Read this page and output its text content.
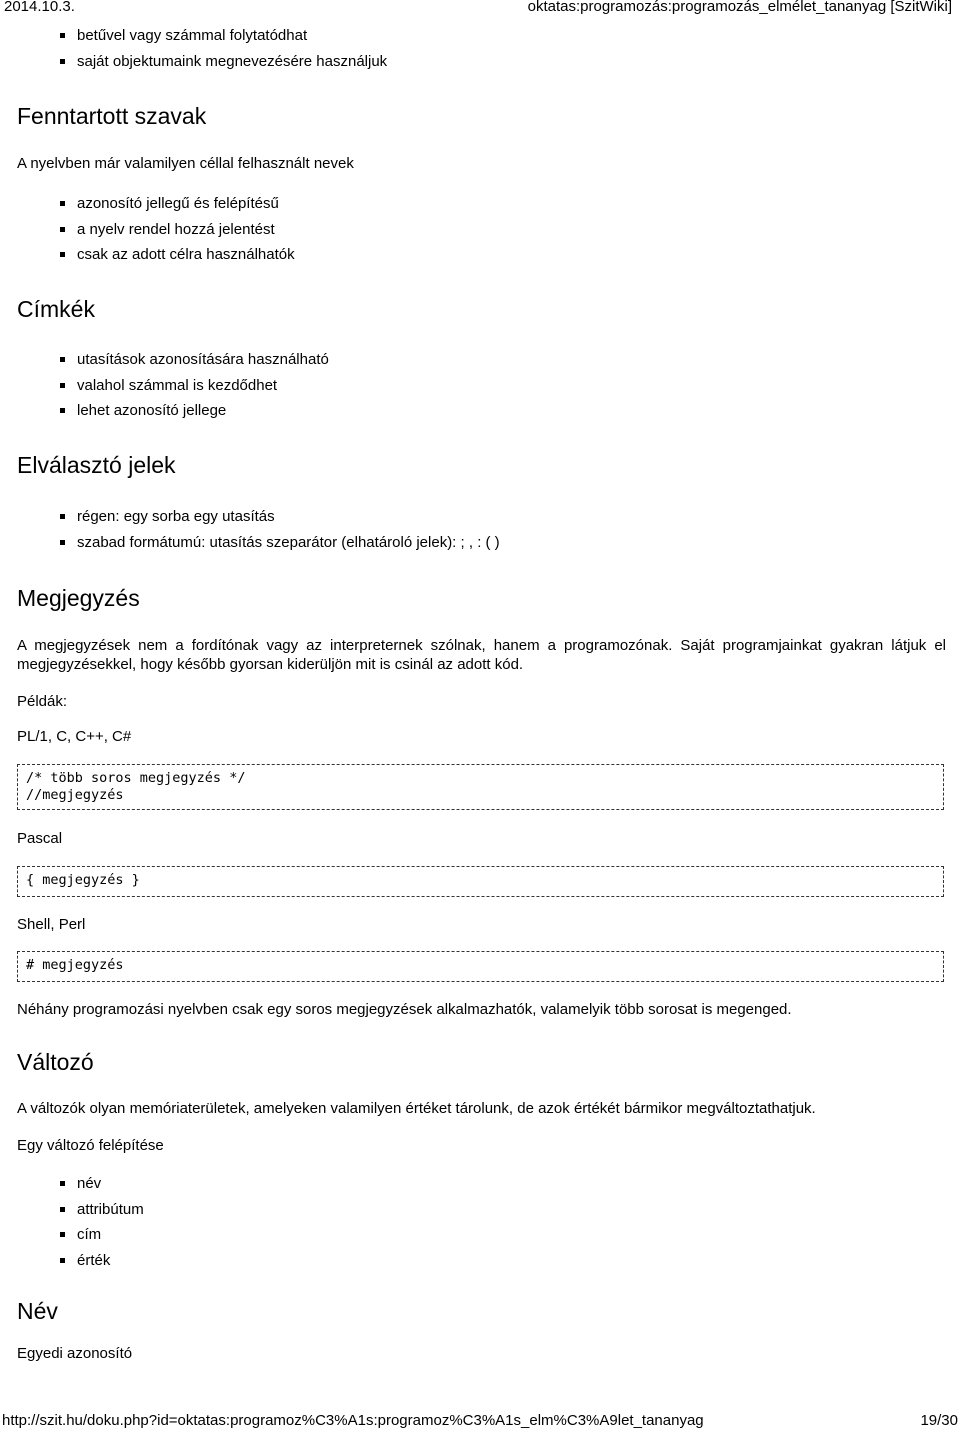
2014.10.3.	oktatas:programozás:programozás_elmélet_tananyag [SzitWiki]
betűvel vagy számmal folytatódhat
saját objektumaink megnevezésére használjuk
Fenntartott szavak

A nyelvben már valamilyen céllal felhasznált nevek

azonosító jellegű és felépítésű
a nyelv rendel hozzá jelentést
csak az adott célra használhatók
Címkék
utasítások azonosítására használható
valahol számmal is kezdődhet
lehet azonosító jellege
Elválasztó jelek
régen: egy sorba egy utasítás
szabad formátumú: utasítás szeparátor (elhatároló jelek): ; , : ( )
Megjegyzés

A megjegyzések nem a fordítónak vagy az interpreternek szólnak, hanem a programozónak. Saját programjainkat gyakran látjuk el megjegyzésekkel, hogy később gyorsan kiderüljön mit is csinál az adott kód.

Példák:

PL/1, C, C++, C#

/* több soros megjegyzés */
//megjegyzés

Pascal

{ megjegyzés }

Shell, Perl

# megjegyzés

Néhány programozási nyelvben csak egy soros megjegyzések alkalmazhatók, valamelyik több sorosat is megenged.

Változó

A változók olyan memóriaterületek, amelyeken valamilyen értéket tárolunk, de azok értékét bármikor megváltoztathatjuk.

Egy változó felépítése

név
attribútum
cím
érték
Név

Egyedi azonosító

http://szit.hu/doku.php?id=oktatas:programoz%C3%A1s:programoz%C3%A1s_elm%C3%A9let_tananyag	19/30
